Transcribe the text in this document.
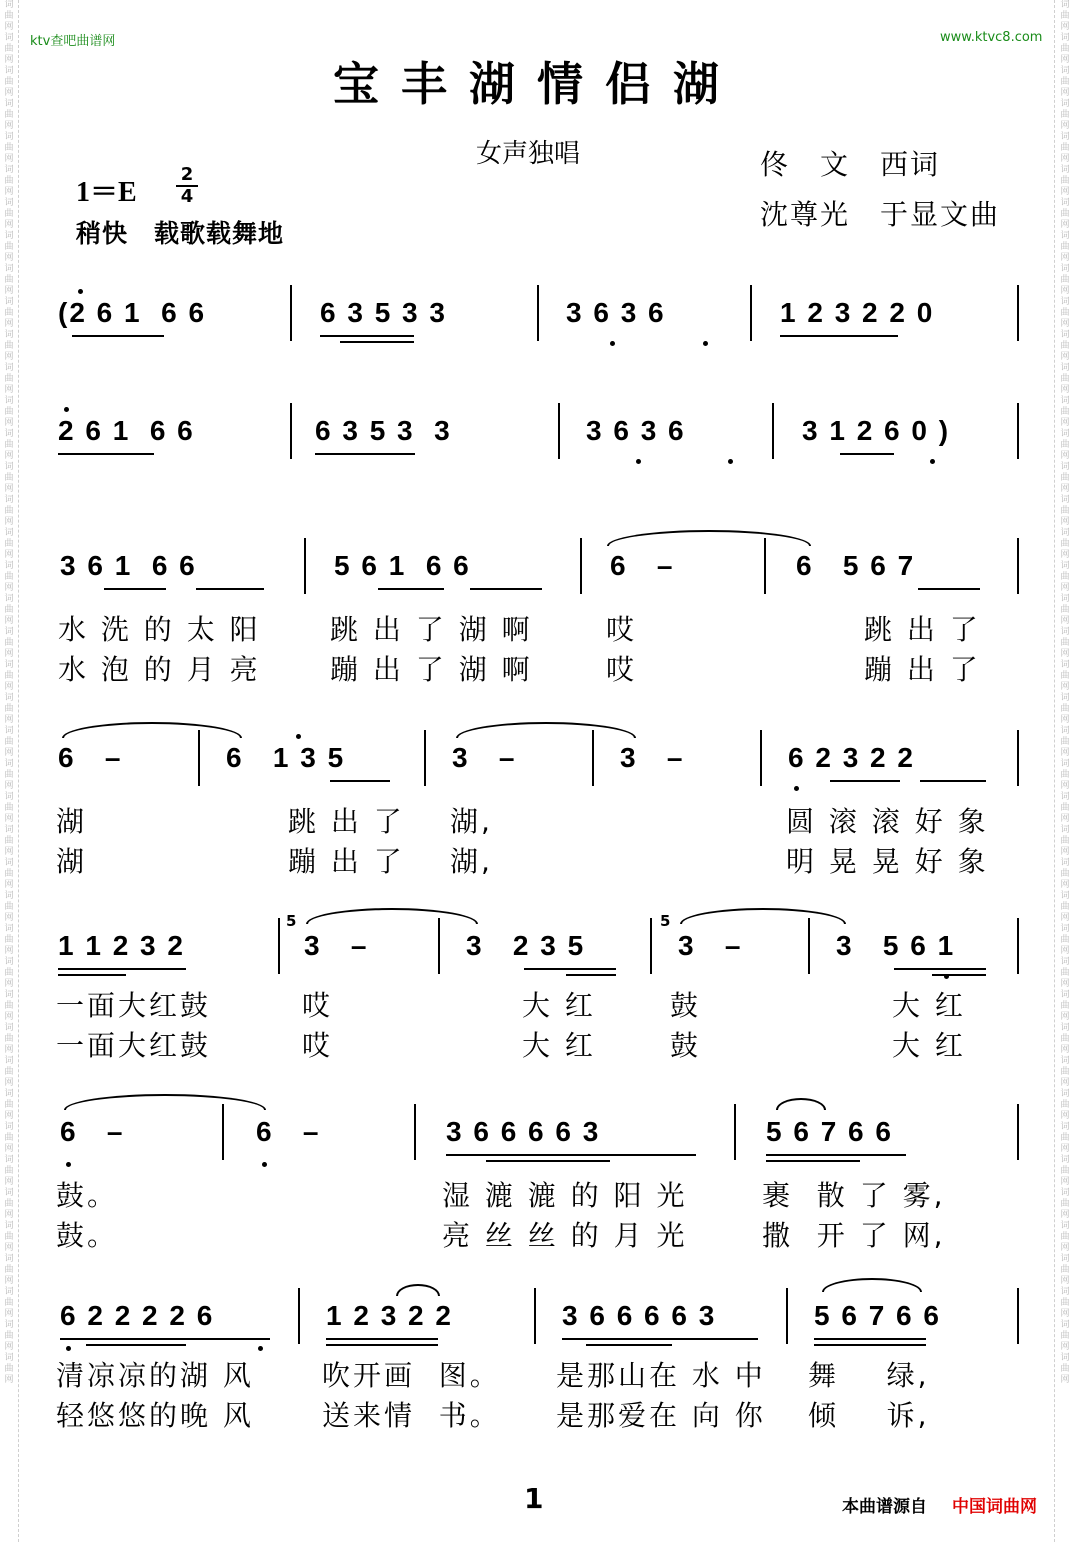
词曲网词曲网词曲网词曲网词曲网词曲网词曲网词曲网词曲网词曲网词曲网词曲网词曲网词曲网词曲网词曲网词曲网词曲网词曲网词曲网词曲网词曲网词曲网词曲网词曲网词曲网词曲网词曲网词曲网词曲网词曲网词曲网词曲网词曲网词曲网词曲网词曲网词曲网词曲网词曲网词曲网词曲网
词曲网词曲网词曲网词曲网词曲网词曲网词曲网词曲网词曲网词曲网词曲网词曲网词曲网词曲网词曲网词曲网词曲网词曲网词曲网词曲网词曲网词曲网词曲网词曲网词曲网词曲网词曲网词曲网词曲网词曲网词曲网词曲网词曲网词曲网词曲网词曲网词曲网词曲网词曲网词曲网词曲网词曲网
ktv查吧曲谱网	www.ktvc8.com
宝丰湖情侣湖
女声独唱	佟　文　西词
沈尊光　于显文曲
1＝E
2
4
稍快　载歌载舞地
(2 6 1  6 6	6 3 5 3 3	3 6 3 6	1 2 3 2 2 0
2 6 1  6 6	6 3 5 3  3	3 6 3 6	3 1 2 6 0 )
3 6 1  6 6	5 6 1  6 6	6   –	6   5 6 7
水 洗 的 太 阳 跳 出 了 湖 啊	哎	跳 出 了
水 泡 的 月 亮 蹦 出 了 湖 啊	哎	蹦 出 了
6   –	6   1 3 5	3   –	3   –	6 2 3 2 2
湖	跳 出 了 湖,	圆 滚 滚 好 象
湖	蹦 出 了 湖,	明 晃 晃 好 象
5	5
1 1 2 3 2	3   –	3   2 3 5	3   –	3   5 6 1
一面大红鼓	哎	大 红	鼓	大 红
一面大红鼓	哎	大 红	鼓	大 红
6   –	6   –	3 6 6 6 6 3	5 6 7 6 6
鼓。	湿 漉 漉 的 阳 光	裹  散 了 雾,
鼓。	亮 丝 丝 的 月 光	撒  开 了 网,
6 2 2 2 2 6	1 2 3 2 2	3 6 6 6 6 3	5 6 7 6 6
清凉凉的湖 风 吹开画  图。 是那山在 水 中 舞    绿,
轻悠悠的晚 风 送来情  书。 是那爱在 向 你 倾    诉,
1	本曲谱源自 中国词曲网
